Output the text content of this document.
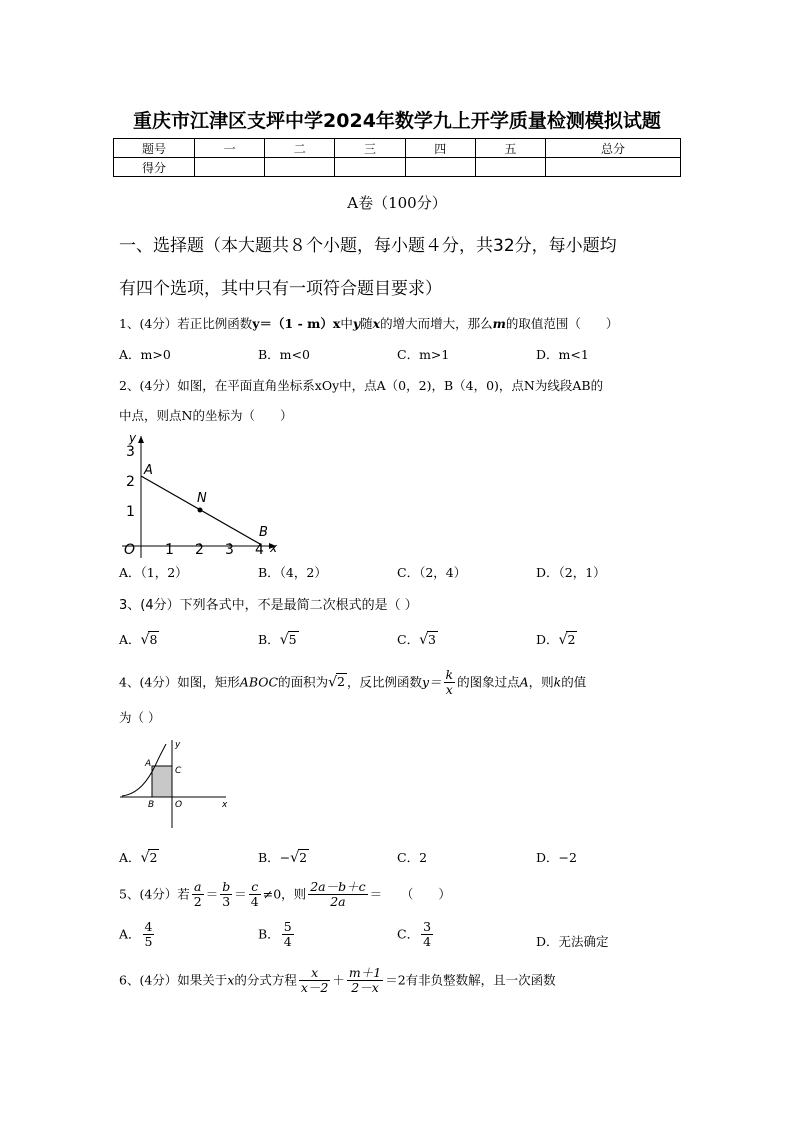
重庆市江津区支坪中学2024年数学九上开学质量检测模拟试题
题号	一	二	三	四	五	总分
得分						
A卷（100分）
一、选择题（本大题共８个小题，每小题４分，共32分，每小题均
有四个选项，其中只有一项符合题目要求）
1、(4分）若正比例函数y＝（1 - m）x中y随x的增大而增大，那么m的取值范围（　　）
A．m>0	B．m<0	C．m>1	D．m<1
2、(4分）如图，在平面直角坐标系xOy中，点A（0，2)，B（4，0)，点N为线段AB的
中点，则点N的坐标为（　　）
3
2
1
1 2 3 4
O	x
y
A
N
B
A．（1，2）	B．（4，2）	C．（2，4）	D．（2，1）
3、(4分）下列各式中，不是最简二次根式的是（ ）
A．√8	B．√5	C．√3	D．√2
4、(4分）如图，矩形ABOC的面积为√2 ，反比例函数$y= \frac{k}{x}$ 的图象过点A，则k的值
为（ ）
x
y
A
C
B O
A．√2	B．−√2	C．2	D．−2
5、(4分）若 $\frac{a}{2} = \frac{b}{3} = \frac{c}{4} \ne 0$，则 $\frac{2a-b+c}{2a}$ ＝　　（　　）
A． $\frac{4}{5}$	B． $\frac{5}{4}$	C． $\frac{3}{4}$	D．无法确定
6、(4分）如果关于x的分式方程 $\frac{x}{x-2} + \frac{m+1}{2-x} =2$有非负整数解，且一次函数
